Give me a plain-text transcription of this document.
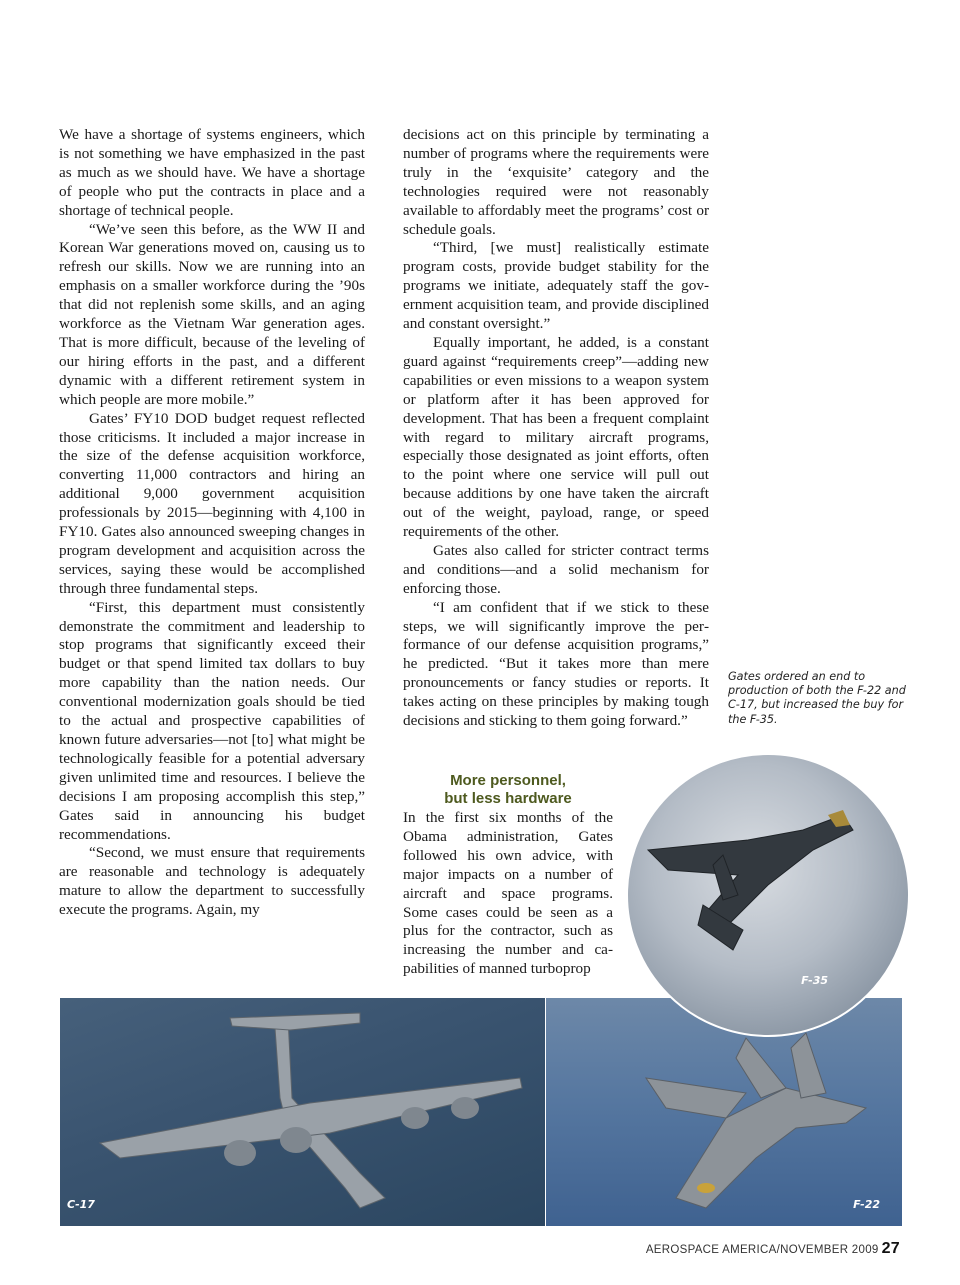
We have a shortage of systems engineers, which is not something we have emphasized in the past as much as we should have. We have a shortage of people who put the contracts in place and a shortage of technical people.

“We’ve seen this before, as the WW II and Korean War generations moved on, causing us to refresh our skills. Now we are running into an emphasis on a smaller workforce during the ’90s that did not replenish some skills, and an aging workforce as the Vietnam War generation ages. That is more difficult, because of the leveling of our hiring efforts in the past, and a different dynamic with a different retirement system in which people are more mobile.”

Gates’ FY10 DOD budget request reflected those criticisms. It included a major increase in the size of the defense acquisition workforce, converting 11,000 contractors and hiring an additional 9,000 government acquisition professionals by 2015—beginning with 4,100 in FY10. Gates also announced sweeping changes in program development and acquisition across the services, saying these would be accomplished through three fundamental steps.

“First, this department must consistently demonstrate the commitment and leadership to stop programs that significantly exceed their budget or that spend limited tax dollars to buy more capability than the nation needs. Our conventional modernization goals should be tied to the actual and prospective capabilities of known future adversaries—not [to] what might be technologically feasible for a potential adversary given unlimited time and resources. I believe the decisions I am proposing accomplish this step,” Gates said in announcing his budget recommendations.

“Second, we must ensure that requirements are reasonable and technology is adequately mature to allow the department to successfully execute the programs. Again, my

decisions act on this principle by terminating a number of programs where the requirements were truly in the ‘exquisite’ category and the technologies required were not reasonably available to affordably meet the programs’ cost or schedule goals.

“Third, [we must] realistically estimate program costs, provide budget stability for the programs we initiate, adequately staff the government acquisition team, and provide disciplined and constant oversight.”

Equally important, he added, is a constant guard against “requirements creep”—adding new capabilities or even missions to a weapon system or platform after it has been approved for development. That has been a frequent complaint with regard to military aircraft programs, especially those designated as joint efforts, often to the point where one service will pull out because additions by one have taken the aircraft out of the weight, payload, range, or speed requirements of the other.

Gates also called for stricter contract terms and conditions—and a solid mechanism for enforcing those.

“I am confident that if we stick to these steps, we will significantly improve the performance of our defense acquisition programs,” he predicted. “But it takes more than mere pronouncements or fancy studies or reports. It takes acting on these principles by making tough decisions and sticking to them going forward.”

More personnel,
but less hardware

In the first six months of the Obama administration, Gates followed his own advice, with major impacts on a number of aircraft and space programs. Some cases could be seen as a plus for the contractor, such as increasing the number and capabilities of manned turboprop

Gates ordered an end to production of both the F-22 and C-17, but increased the buy for the F-35.
C-17	F-22
F-35
AEROSPACE AMERICA/NOVEMBER 2009 27
